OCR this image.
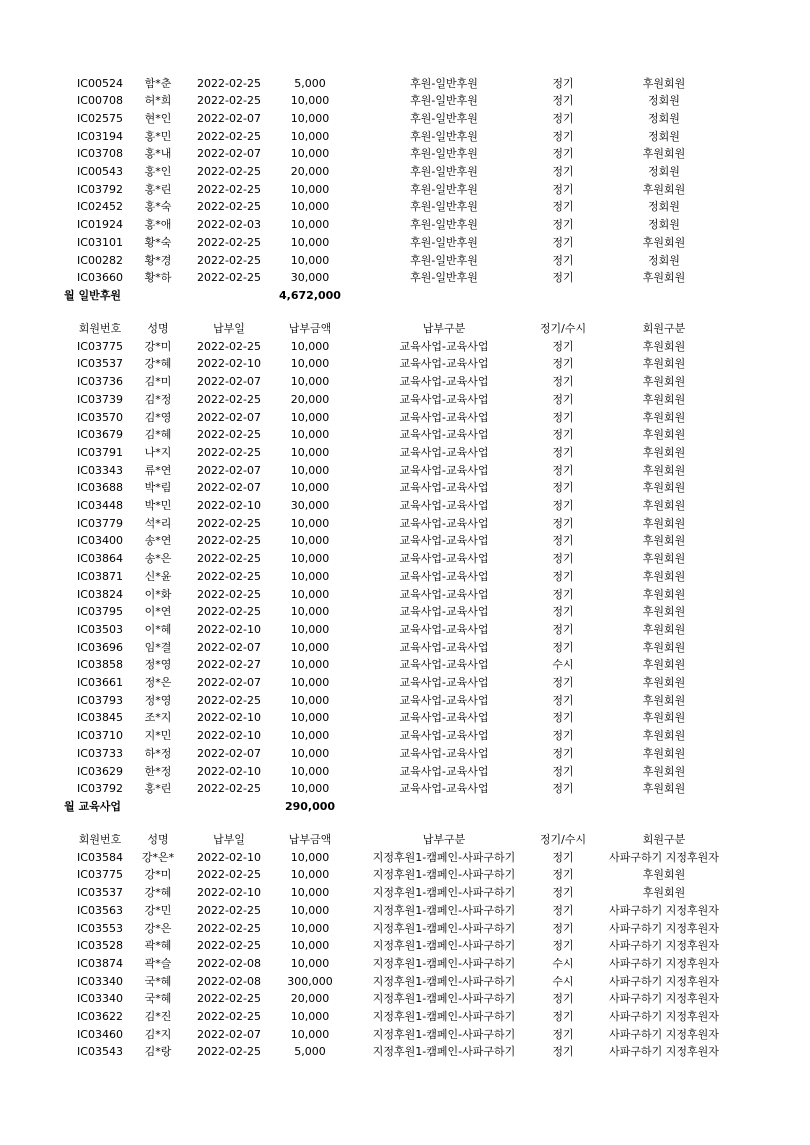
IC00524 함*춘 2022-02-25	5,000	후원-일반후원	정기	후원회원
IC00708 허*희 2022-02-25	10,000	후원-일반후원	정기	정회원
IC02575 현*인 2022-02-07	10,000	후원-일반후원	정기	정회원
IC03194 홍*민 2022-02-25	10,000	후원-일반후원	정기	정회원
IC03708 홍*내 2022-02-07	10,000	후원-일반후원	정기	후원회원
IC00543 홍*인 2022-02-25	20,000	후원-일반후원	정기	정회원
IC03792 홍*린 2022-02-25	10,000	후원-일반후원	정기	후원회원
IC02452 홍*숙 2022-02-25	10,000	후원-일반후원	정기	정회원
IC01924 홍*애 2022-02-03	10,000	후원-일반후원	정기	정회원
IC03101 황*숙 2022-02-25	10,000	후원-일반후원	정기	후원회원
IC00282 황*경 2022-02-25	10,000	후원-일반후원	정기	정회원
IC03660 황*하 2022-02-25	30,000	후원-일반후원	정기	후원회원
월 일반후원	4,672,000
회원번호 성명	납부일	납부금액	납부구분	정기/수시	회원구분
IC03775 강*미 2022-02-25	10,000	교육사업-교육사업	정기	후원회원
IC03537 강*혜 2022-02-10	10,000	교육사업-교육사업	정기	후원회원
IC03736 김*미 2022-02-07	10,000	교육사업-교육사업	정기	후원회원
IC03739 김*정 2022-02-25	20,000	교육사업-교육사업	정기	후원회원
IC03570 김*영 2022-02-07	10,000	교육사업-교육사업	정기	후원회원
IC03679 김*혜 2022-02-25	10,000	교육사업-교육사업	정기	후원회원
IC03791 나*지 2022-02-25	10,000	교육사업-교육사업	정기	후원회원
IC03343 류*연 2022-02-07	10,000	교육사업-교육사업	정기	후원회원
IC03688 박*림 2022-02-07	10,000	교육사업-교육사업	정기	후원회원
IC03448 박*민 2022-02-10	30,000	교육사업-교육사업	정기	후원회원
IC03779 석*리 2022-02-25	10,000	교육사업-교육사업	정기	후원회원
IC03400 송*연 2022-02-25	10,000	교육사업-교육사업	정기	후원회원
IC03864 송*은 2022-02-25	10,000	교육사업-교육사업	정기	후원회원
IC03871 신*윤 2022-02-25	10,000	교육사업-교육사업	정기	후원회원
IC03824 이*화 2022-02-25	10,000	교육사업-교육사업	정기	후원회원
IC03795 이*연 2022-02-25	10,000	교육사업-교육사업	정기	후원회원
IC03503 이*혜 2022-02-10	10,000	교육사업-교육사업	정기	후원회원
IC03696 임*결 2022-02-07	10,000	교육사업-교육사업	정기	후원회원
IC03858 정*영 2022-02-27	10,000	교육사업-교육사업	수시	후원회원
IC03661 정*은 2022-02-07	10,000	교육사업-교육사업	정기	후원회원
IC03793 정*영 2022-02-25	10,000	교육사업-교육사업	정기	후원회원
IC03845 조*지 2022-02-10	10,000	교육사업-교육사업	정기	후원회원
IC03710 지*민 2022-02-10	10,000	교육사업-교육사업	정기	후원회원
IC03733 하*정 2022-02-07	10,000	교육사업-교육사업	정기	후원회원
IC03629 한*정 2022-02-10	10,000	교육사업-교육사업	정기	후원회원
IC03792 홍*린 2022-02-25	10,000	교육사업-교육사업	정기	후원회원
월 교육사업	290,000
회원번호 성명	납부일	납부금액	납부구분	정기/수시	회원구분
IC03584 강*은* 2022-02-10	10,000	지정후원1-캠페인-사파구하기	정기	사파구하기 지정후원자
IC03775 강*미 2022-02-25	10,000	지정후원1-캠페인-사파구하기	정기	후원회원
IC03537 강*혜 2022-02-10	10,000	지정후원1-캠페인-사파구하기	정기	후원회원
IC03563 강*민 2022-02-25	10,000	지정후원1-캠페인-사파구하기	정기	사파구하기 지정후원자
IC03553 강*은 2022-02-25	10,000	지정후원1-캠페인-사파구하기	정기	사파구하기 지정후원자
IC03528 곽*혜 2022-02-25	10,000	지정후원1-캠페인-사파구하기	정기	사파구하기 지정후원자
IC03874 곽*슬 2022-02-08	10,000	지정후원1-캠페인-사파구하기	수시	사파구하기 지정후원자
IC03340 국*혜 2022-02-08 300,000	지정후원1-캠페인-사파구하기	수시	사파구하기 지정후원자
IC03340 국*혜 2022-02-25	20,000	지정후원1-캠페인-사파구하기	정기	사파구하기 지정후원자
IC03622 김*진 2022-02-25	10,000	지정후원1-캠페인-사파구하기	정기	사파구하기 지정후원자
IC03460 김*지 2022-02-07	10,000	지정후원1-캠페인-사파구하기	정기	사파구하기 지정후원자
IC03543 김*랑 2022-02-25	5,000	지정후원1-캠페인-사파구하기	정기	사파구하기 지정후원자
